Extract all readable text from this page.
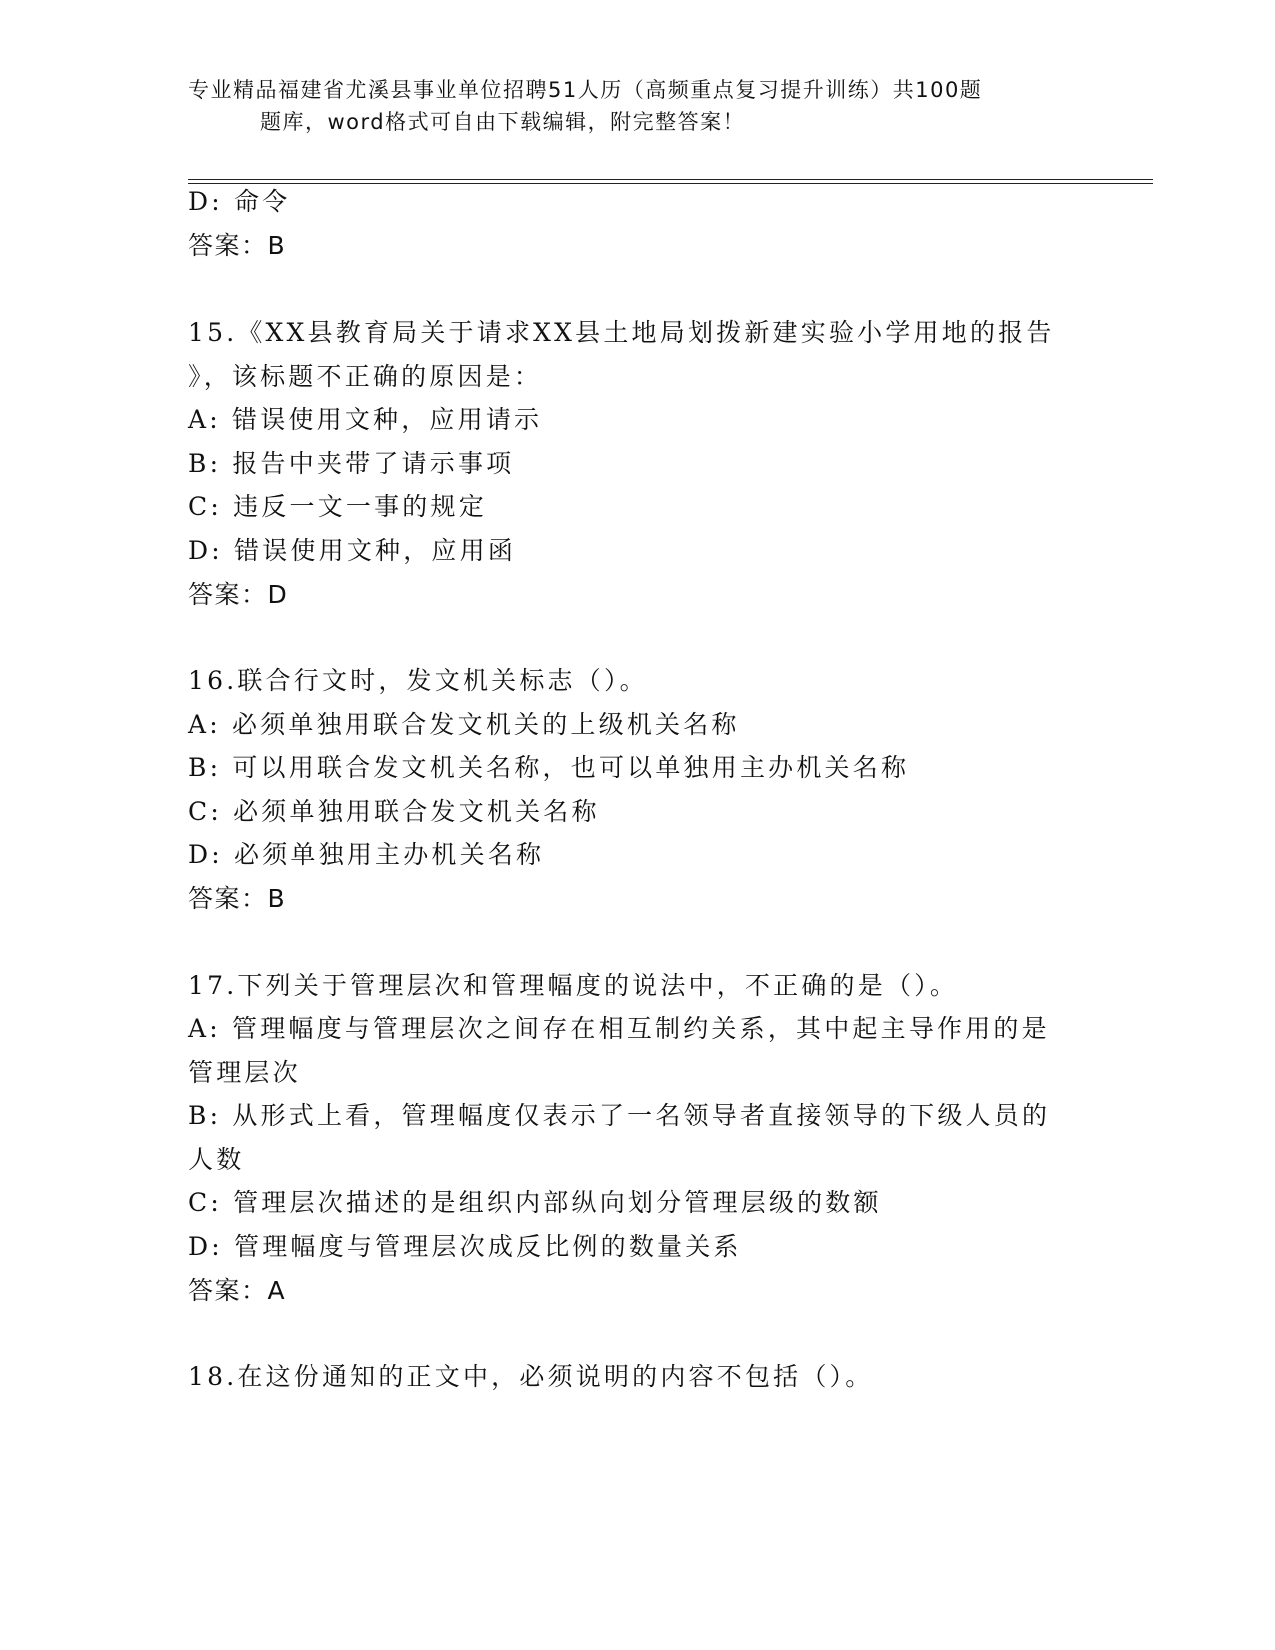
专业精品福建省尤溪县事业单位招聘51人历（高频重点复习提升训练）共100题
题库，word格式可自由下载编辑，附完整答案！
D: 命令
答案：B
15.《XX县教育局关于请求XX县土地局划拨新建实验小学用地的报告
》，该标题不正确的原因是：
A: 错误使用文种，应用请示
B: 报告中夹带了请示事项
C: 违反一文一事的规定
D: 错误使用文种，应用函
答案：D
16.联合行文时，发文机关标志（）。
A: 必须单独用联合发文机关的上级机关名称
B: 可以用联合发文机关名称，也可以单独用主办机关名称
C: 必须单独用联合发文机关名称
D: 必须单独用主办机关名称
答案：B
17.下列关于管理层次和管理幅度的说法中，不正确的是（）。
A: 管理幅度与管理层次之间存在相互制约关系，其中起主导作用的是
管理层次
B: 从形式上看，管理幅度仅表示了一名领导者直接领导的下级人员的
人数
C: 管理层次描述的是组织内部纵向划分管理层级的数额
D: 管理幅度与管理层次成反比例的数量关系
答案：A
18.在这份通知的正文中，必须说明的内容不包括（）。
